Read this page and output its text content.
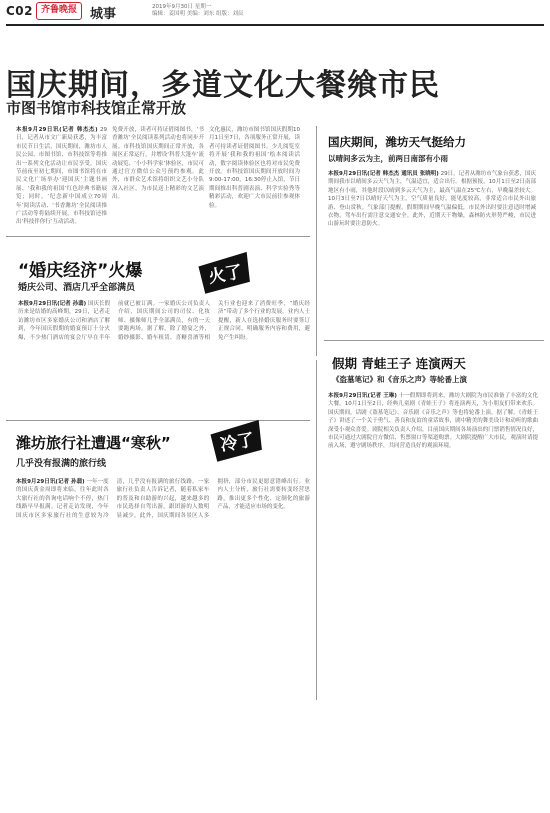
C02 齐鲁晚报	城事	2019年9月30日 星期一
编辑：姜国明 美编：刘东 组版：刘辰
国庆期间，多道文化大餐飨市民
市图书馆市科技馆正常开放
本报9月29日讯(记者 韩杰杰) 29日，记者从市文广新局获悉，为丰富市民节日生活，国庆期间，潍坊市人民公园、市图书馆、市科技馆等将推出一系列文化活动让市民享受。国庆节前夜至初七期间，市图书馆将在市民文化广场举办‘迎国庆’主题书画展、‘我和我的祖国’红色经典书籍展览；同时，‘纪念新中国成立70周年’阅读活动、‘书香潍坊’全民阅读推广活动等将陆续开展。市科技馆还推出‘科技伴你行’互动活动。
免费开放，读者可持证借阅图书，‘书香潍坊’全民阅读系列活动也将同步开展。市科技馆国庆期间正常开放，各展区正常运行，并增设‘科普大篷车’流动展览、‘小小科学家’体验区，市民可通过官方微信公众号预约参观。此外，市群众艺术馆将组织文艺小分队深入社区，为市民送上精彩的文艺演出。
文化惠民，潍坊市图书馆国庆假期10月1日至7日，各项服务正常开展，读者可持读者证借阅图书。少儿阅览室将开展‘我和我的祖国’绘本阅读活动，数字阅读体验区也将对市民免费开放。市科技馆国庆期间开放时间为9:00-17:00，16:30停止入馆，节日期间推出科普剧表演、科学实验秀等精彩活动，欢迎广大市民前往参观体验。
国庆期间，潍坊天气挺给力
以晴间多云为主，前两日南部有小雨
本报9月29日讯(记者 韩杰杰 通讯员 张晓明) 29日，记者从潍坊市气象台获悉，国庆期间我市以晴间多云天气为主，气温适宜，适合出行。根据预报，10月1日至2日南部地区有小雨，其他时段以晴到多云天气为主，最高气温在25℃左右，早晚温差较大。10月3日至7日以晴好天气为主，空气质量良好，能见度较高，非常适合市民外出旅游、登山赏秋。气象部门提醒，假期期间早晚气温偏低，市民外出时要注意适时增减衣物，驾车出行需注意交通安全。此外，近期天干物燥，森林防火形势严峻，市民进山游玩时要注意防火。
“婚庆经济”火爆
婚庆公司、酒店几乎全部满员
火了
本报9月29日讯(记者 孙翡) 国庆长假历来是结婚的高峰期。29日，记者走访潍坊市区多家婚庆公司和酒店了解到，今年国庆假期的婚宴预订十分火爆，不少热门酒店的宴会厅早在半年前就已被订满。一家婚庆公司负责人介绍，国庆期间公司的司仪、化妆师、摄像师几乎全部满员，有的一天要跑两场。据了解，除了婚宴之外，婚纱摄影、婚车租赁、喜糖喜酒等相关行业也迎来了消费旺季，“婚庆经济”带动了多个行业的发展。业内人士提醒，新人在选择婚庆服务时要签订正规合同，明确服务内容和费用，避免产生纠纷。
假期 青蛙王子 连演两天
《盗墓笔记》和《音乐之声》等轮番上演
本报9月29日讯(记者 王琳) 十一假期即将到来，潍坊大剧院为市民准备了丰富的文化大餐。10月1日至2日，经典儿童剧《青蛙王子》将连演两天，为小朋友们带来欢乐。国庆期间，话剧《盗墓笔记》、音乐剧《音乐之声》等也将轮番上演。据了解，《青蛙王子》讲述了一个关于勇气、善良和友谊的童话故事，剧中精美的舞美设计和动听的歌曲深受小观众喜爱。剧院相关负责人介绍，目前国庆期间各场演出的门票销售情况良好，市民可通过大剧院官方微信、售票窗口等渠道购票。大剧院提醒广大市民，观演时请提前入场，遵守剧场秩序，共同营造良好的观演环境。
潍坊旅行社遭遇“寒秋”
几乎没有报满的旅行线
冷了
本报9月29日讯(记者 孙翡) 一年一度的国庆黄金周即将来临，往年此时各大旅行社的咨询电话响个不停，热门线路早早报满。记者走访发现，今年国庆市区多家旅行社的生意较为冷清，几乎没有报满的旅行线路。一家旅行社负责人告诉记者，随着私家车的普及和自助游的兴起，越来越多的市民选择自驾出游，跟团游的人数明显减少。此外，国庆期间各景区人多拥挤，部分市民更愿意错峰出行。业内人士分析，旅行社需要转变经营思路，推出更多个性化、定制化的旅游产品，才能适应市场的变化。
